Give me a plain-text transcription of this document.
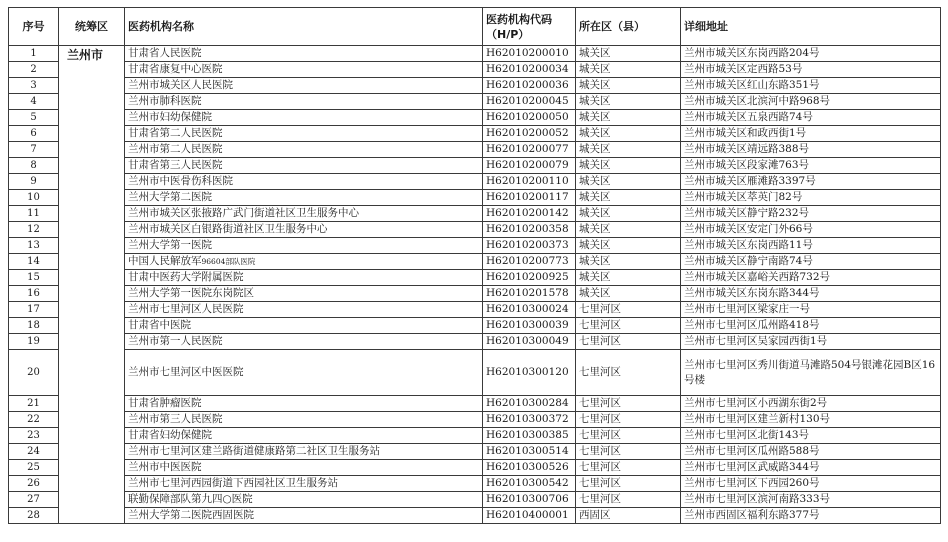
序号	统筹区	医药机构名称	医药机构代码（H/P）	所在区（县）	详细地址
1	兰州市	甘肃省人民医院	H62010200010	城关区	兰州市城关区东岗西路204号
2		甘肃省康复中心医院	H62010200034	城关区	兰州市城关区定西路53号
3		兰州市城关区人民医院	H62010200036	城关区	兰州市城关区红山东路351号
4		兰州市肺科医院	H62010200045	城关区	兰州市城关区北滨河中路968号
5		兰州市妇幼保健院	H62010200050	城关区	兰州市城关区五泉西路74号
6		甘肃省第二人民医院	H62010200052	城关区	兰州市城关区和政西街1号
7		兰州市第二人民医院	H62010200077	城关区	兰州市城关区靖远路388号
8		甘肃省第三人民医院	H62010200079	城关区	兰州市城关区段家滩763号
9		兰州市中医骨伤科医院	H62010200110	城关区	兰州市城关区雁滩路3397号
10		兰州大学第二医院	H62010200117	城关区	兰州市城关区萃英门82号
11		兰州市城关区张掖路广武门街道社区卫生服务中心	H62010200142	城关区	兰州市城关区静宁路232号
12		兰州市城关区白银路街道社区卫生服务中心	H62010200358	城关区	兰州市城关区安定门外66号
13		兰州大学第一医院	H62010200373	城关区	兰州市城关区东岗西路11号
14		中国人民解放军96604部队医院	H62010200773	城关区	兰州市城关区静宁南路74号
15		甘肃中医药大学附属医院	H62010200925	城关区	兰州市城关区嘉峪关西路732号
16		兰州大学第一医院东岗院区	H62010201578	城关区	兰州市城关区东岗东路344号
17		兰州市七里河区人民医院	H62010300024	七里河区	兰州市七里河区梁家庄一号
18		甘肃省中医院	H62010300039	七里河区	兰州市七里河区瓜州路418号
19		兰州市第一人民医院	H62010300049	七里河区	兰州市七里河区吴家园西街1号
20		兰州市七里河区中医医院	H62010300120	七里河区	兰州市七里河区秀川街道马滩路504号银滩花园B区16号楼
21		甘肃省肿瘤医院	H62010300284	七里河区	兰州市七里河区小西湖东街2号
22		兰州市第三人民医院	H62010300372	七里河区	兰州市七里河区建兰新村130号
23		甘肃省妇幼保健院	H62010300385	七里河区	兰州市七里河区北街143号
24		兰州市七里河区建兰路街道健康路第二社区卫生服务站	H62010300514	七里河区	兰州市七里河区瓜州路588号
25		兰州市中医医院	H62010300526	七里河区	兰州市七里河区武威路344号
26		兰州市七里河西园街道下西园社区卫生服务站	H62010300542	七里河区	兰州市七里河区下西园260号
27		联勤保障部队第九四○医院	H62010300706	七里河区	兰州市七里河区滨河南路333号
28		兰州大学第二医院西固医院	H62010400001	西固区	兰州市西固区福利东路377号
